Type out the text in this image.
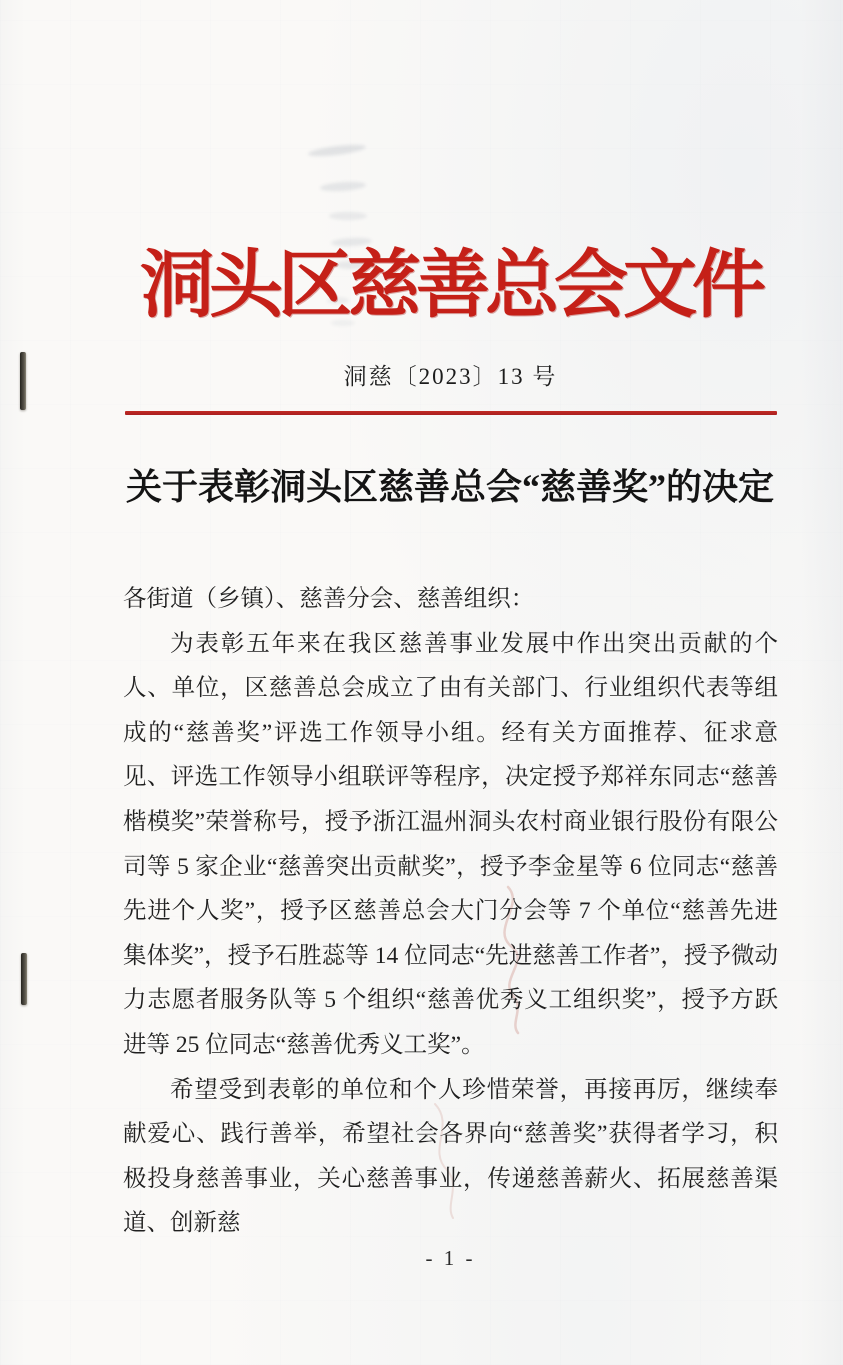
洞头区慈善总会文件
洞慈〔2023〕13 号
关于表彰洞头区慈善总会“慈善奖”的决定

各街道（乡镇）、慈善分会、慈善组织：

为表彰五年来在我区慈善事业发展中作出突出贡献的个人、单位，区慈善总会成立了由有关部门、行业组织代表等组成的“慈善奖”评选工作领导小组。经有关方面推荐、征求意见、评选工作领导小组联评等程序，决定授予郑祥东同志“慈善楷模奖”荣誉称号，授予浙江温州洞头农村商业银行股份有限公司等 5 家企业“慈善突出贡献奖”，授予李金星等 6 位同志“慈善先进个人奖”，授予区慈善总会大门分会等 7 个单位“慈善先进集体奖”，授予石胜蕊等 14 位同志“先进慈善工作者”，授予微动力志愿者服务队等 5 个组织“慈善优秀义工组织奖”，授予方跃进等 25 位同志“慈善优秀义工奖”。

希望受到表彰的单位和个人珍惜荣誉，再接再厉，继续奉献爱心、践行善举，希望社会各界向“慈善奖”获得者学习，积极投身慈善事业，关心慈善事业，传递慈善薪火、拓展慈善渠道、创新慈

- 1 -
